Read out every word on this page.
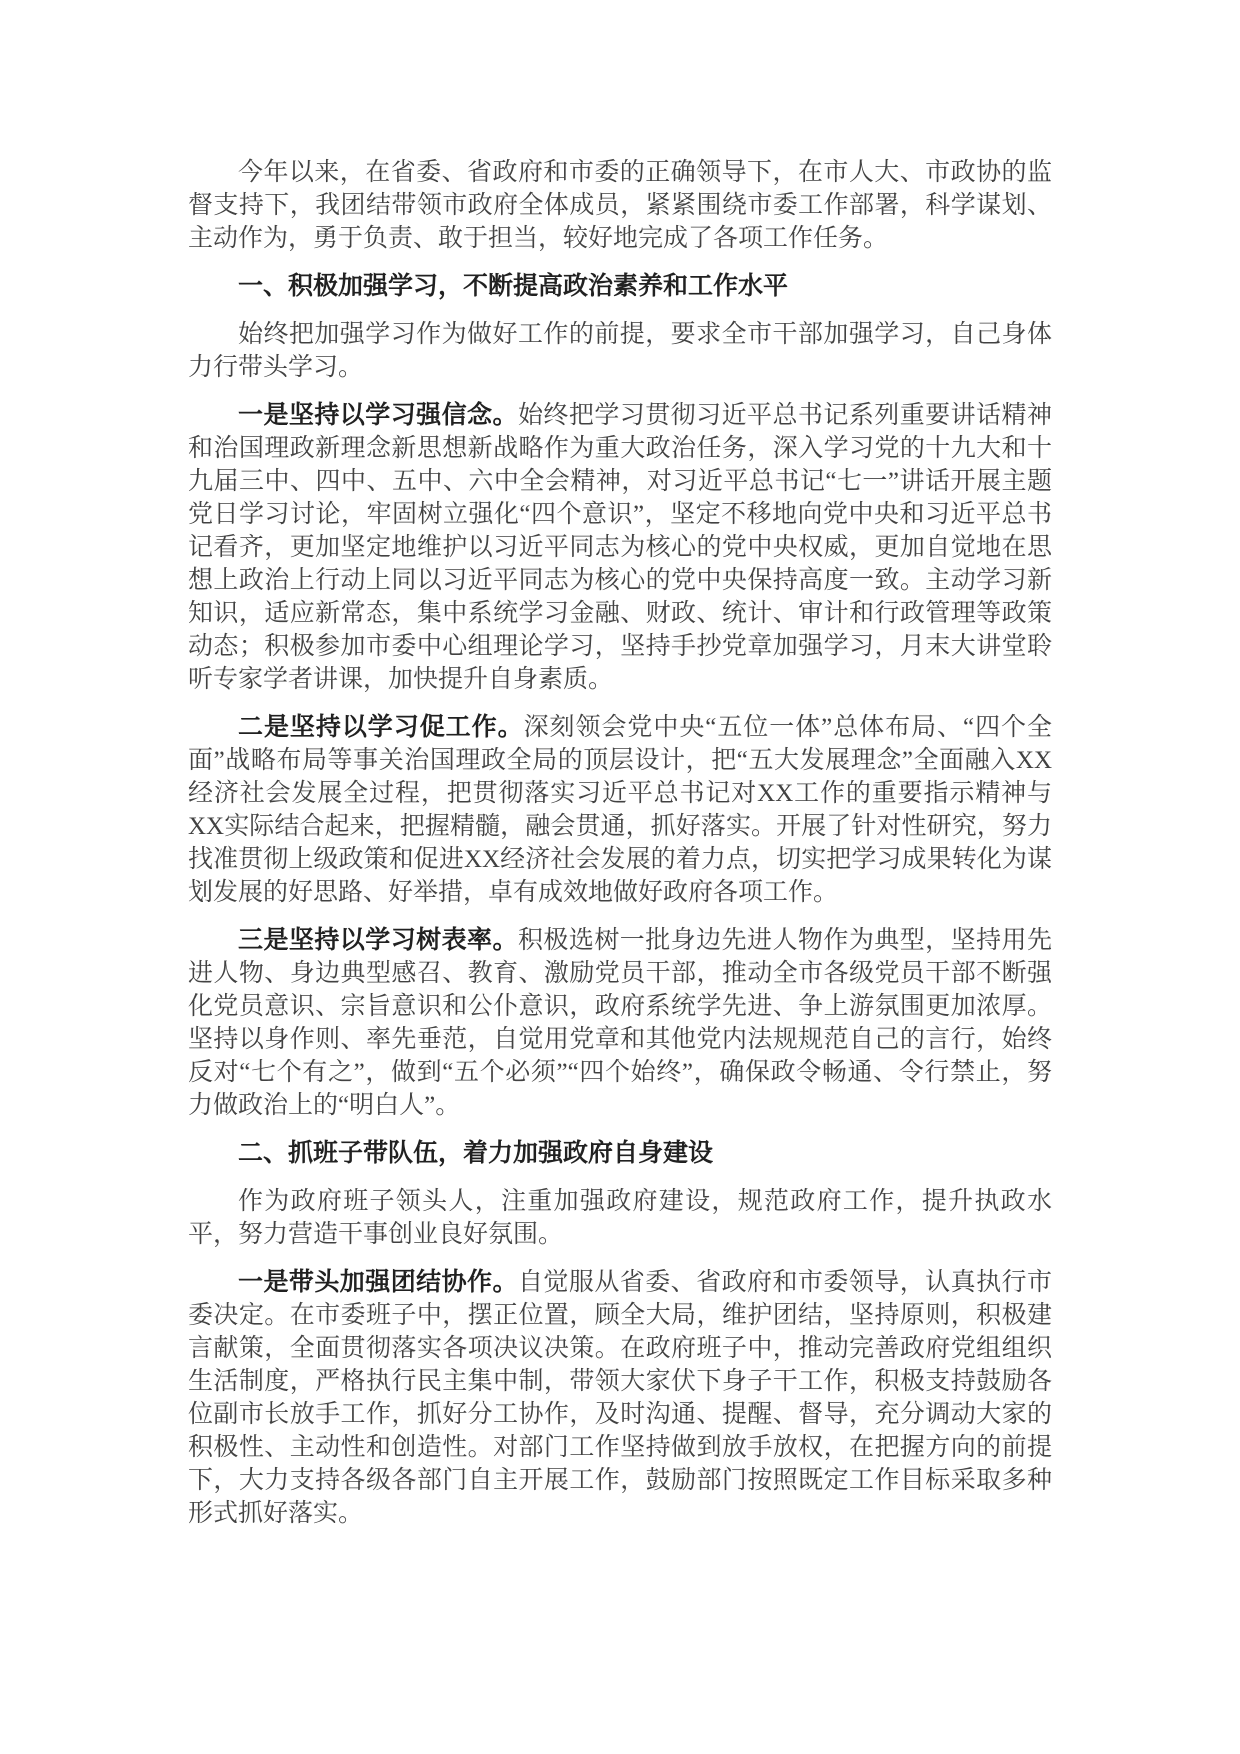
今年以来，在省委、省政府和市委的正确领导下，在市人大、市政协的监督支持下，我团结带领市政府全体成员，紧紧围绕市委工作部署，科学谋划、主动作为，勇于负责、敢于担当，较好地完成了各项工作任务。

一、积极加强学习，不断提高政治素养和工作水平

始终把加强学习作为做好工作的前提，要求全市干部加强学习，自己身体力行带头学习。

一是坚持以学习强信念。始终把学习贯彻习近平总书记系列重要讲话精神和治国理政新理念新思想新战略作为重大政治任务，深入学习党的十九大和十九届三中、四中、五中、六中全会精神，对习近平总书记“七一”讲话开展主题党日学习讨论，牢固树立强化“四个意识”，坚定不移地向党中央和习近平总书记看齐，更加坚定地维护以习近平同志为核心的党中央权威，更加自觉地在思想上政治上行动上同以习近平同志为核心的党中央保持高度一致。主动学习新知识，适应新常态，集中系统学习金融、财政、统计、审计和行政管理等政策动态；积极参加市委中心组理论学习，坚持手抄党章加强学习，月末大讲堂聆听专家学者讲课，加快提升自身素质。

二是坚持以学习促工作。深刻领会党中央“五位一体”总体布局、“四个全面”战略布局等事关治国理政全局的顶层设计，把“五大发展理念”全面融入XX经济社会发展全过程，把贯彻落实习近平总书记对XX工作的重要指示精神与XX实际结合起来，把握精髓，融会贯通，抓好落实。开展了针对性研究，努力找准贯彻上级政策和促进XX经济社会发展的着力点，切实把学习成果转化为谋划发展的好思路、好举措，卓有成效地做好政府各项工作。

三是坚持以学习树表率。积极选树一批身边先进人物作为典型，坚持用先进人物、身边典型感召、教育、激励党员干部，推动全市各级党员干部不断强化党员意识、宗旨意识和公仆意识，政府系统学先进、争上游氛围更加浓厚。坚持以身作则、率先垂范，自觉用党章和其他党内法规规范自己的言行，始终反对“七个有之”，做到“五个必须”“四个始终”，确保政令畅通、令行禁止，努力做政治上的“明白人”。

二、抓班子带队伍，着力加强政府自身建设

作为政府班子领头人，注重加强政府建设，规范政府工作，提升执政水平，努力营造干事创业良好氛围。

一是带头加强团结协作。自觉服从省委、省政府和市委领导，认真执行市委决定。在市委班子中，摆正位置，顾全大局，维护团结，坚持原则，积极建言献策，全面贯彻落实各项决议决策。在政府班子中，推动完善政府党组组织生活制度，严格执行民主集中制，带领大家伏下身子干工作，积极支持鼓励各位副市长放手工作，抓好分工协作，及时沟通、提醒、督导，充分调动大家的积极性、主动性和创造性。对部门工作坚持做到放手放权，在把握方向的前提下，大力支持各级各部门自主开展工作，鼓励部门按照既定工作目标采取多种形式抓好落实。
